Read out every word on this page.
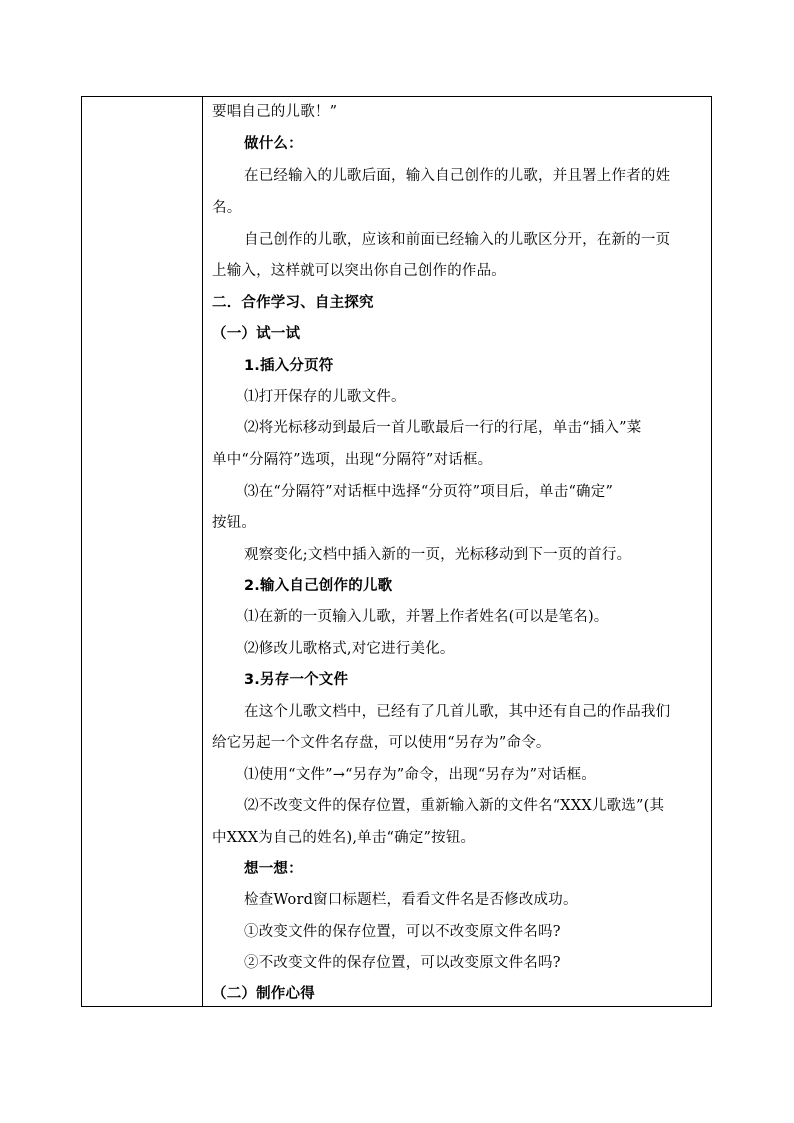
要唱自己的儿歌！”
做什么：
在已经输入的儿歌后面，输入自己创作的儿歌，并且署上作者的姓
名。
自己创作的儿歌，应该和前面已经输入的儿歌区分开，在新的一页
上输入，这样就可以突出你自己创作的作品。
二．合作学习、自主探究
（一）试一试
1.插入分页符
⑴打开保存的儿歌文件。
⑵将光标移动到最后一首儿歌最后一行的行尾，单击“插入”菜
单中“分隔符”选项，出现“分隔符”对话框。
⑶在“分隔符”对话框中选择“分页符”项目后，单击“确定”
按钮。
观察变化;文档中插入新的一页，光标移动到下一页的首行。
2.输入自己创作的儿歌
⑴在新的一页输入儿歌，并署上作者姓名(可以是笔名)。
⑵修改儿歌格式,对它进行美化。
3.另存一个文件
在这个儿歌文档中，已经有了几首儿歌，其中还有自己的作品我们
给它另起一个文件名存盘，可以使用“另存为”命令。
⑴使用“文件”→“另存为”命令，出现“另存为”对话框。
⑵不改变文件的保存位置，重新输入新的文件名“XXX儿歌选”(其
中XXX为自己的姓名),单击“确定”按钮。
想一想：
检查Word窗口标题栏，看看文件名是否修改成功。
①改变文件的保存位置，可以不改变原文件名吗?
②不改变文件的保存位置，可以改变原文件名吗?
（二）制作心得
